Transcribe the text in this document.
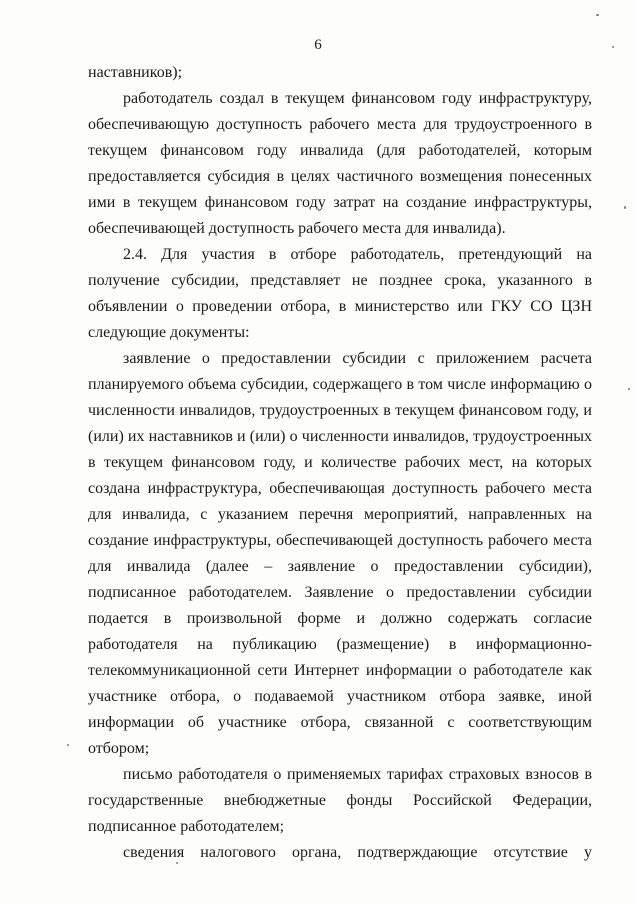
6

наставников);

работодатель создал в текущем финансовом году инфраструктуру, обеспечивающую доступность рабочего места для трудоустроенного в текущем финансовом году инвалида (для работодателей, которым предоставляется субсидия в целях частичного возмещения понесенных ими в текущем финансовом году затрат на создание инфраструктуры, обеспечивающей доступность рабочего места для инвалида).

2.4. Для участия в отборе работодатель, претендующий на получение субсидии, представляет не позднее срока, указанного в объявлении о проведении отбора, в министерство или ГКУ СО ЦЗН следующие документы:

заявление о предоставлении субсидии с приложением расчета планируемого объема субсидии, содержащего в том числе информацию о численности инвалидов, трудоустроенных в текущем финансовом году, и (или) их наставников и (или) о численности инвалидов, трудоустроенных в текущем финансовом году, и количестве рабочих мест, на которых создана инфраструктура, обеспечивающая доступность рабочего места для инвалида, с указанием перечня мероприятий, направленных на создание инфраструктуры, обеспечивающей доступность рабочего места для инвалида (далее – заявление о предоставлении субсидии), подписанное работодателем. Заявление о предоставлении субсидии подается в произвольной форме и должно содержать согласие работодателя на публикацию (размещение) в информационно-телекоммуникационной сети Интернет информации о работодателе как участнике отбора, о подаваемой участником отбора заявке, иной информации об участнике отбора, связанной с соответствующим отбором;

письмо работодателя о применяемых тарифах страховых взносов в государственные внебюджетные фонды Российской Федерации, подписанное работодателем;

сведения налогового органа, подтверждающие отсутствие у
